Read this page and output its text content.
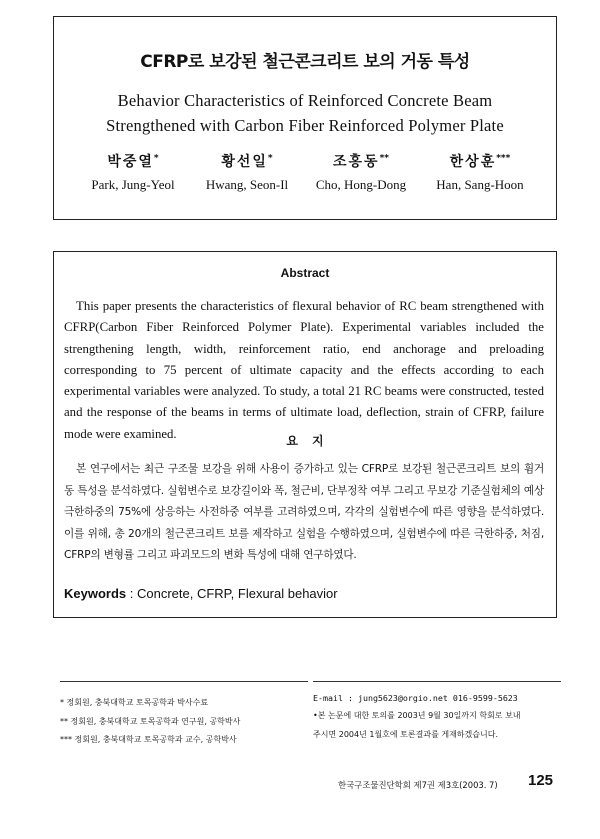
CFRP로 보강된 철근콘크리트 보의 거동 특성
Behavior Characteristics of Reinforced Concrete Beam
Strengthened with Carbon Fiber Reinforced Polymer Plate
박중열*
Park, Jung-Yeol
황선일*
Hwang, Seon-Il
조홍동**
Cho, Hong-Dong
한상훈***
Han, Sang-Hoon
Abstract

This paper presents the characteristics of flexural behavior of RC beam strengthened with CFRP(Carbon Fiber Reinforced Polymer Plate). Experimental variables included the strengthening length, width, reinforcement ratio, end anchorage and preloading corresponding to 75 percent of ultimate capacity and the effects according to each experimental variables were analyzed. To study, a total 21 RC beams were constructed, tested and the response of the beams in terms of ultimate load, deflection, strain of CFRP, failure mode were examined.

요지

본 연구에서는 최근 구조물 보강을 위해 사용이 증가하고 있는 CFRP로 보강된 철근콘크리트 보의 휨거동 특성을 분석하였다. 실험변수로 보강길이와 폭, 철근비, 단부정착 여부 그리고 무보강 기준실험체의 예상극한하중의 75%에 상응하는 사전하중 여부를 고려하였으며, 각각의 실험변수에 따른 영향을 분석하였다. 이를 위해, 총 20개의 철근콘크리트 보를 제작하고 실험을 수행하였으며, 실험변수에 따른 극한하중, 처짐, CFRP의 변형률 그리고 파괴모드의 변화 특성에 대해 연구하였다.

Keywords : Concrete, CFRP, Flexural behavior
* 정회원, 충북대학교 토목공학과 박사수료
** 정회원, 충북대학교 토목공학과 연구원, 공학박사
*** 정회원, 충북대학교 토목공학과 교수, 공학박사
E-mail : jung5623@orgio.net 016-9599-5623
•본 논문에 대한 토의를 2003년 9월 30일까지 학회로 보내
주시면 2004년 1월호에 토론결과를 게재하겠습니다.
한국구조물진단학회 제7권 제3호(2003. 7) 125
